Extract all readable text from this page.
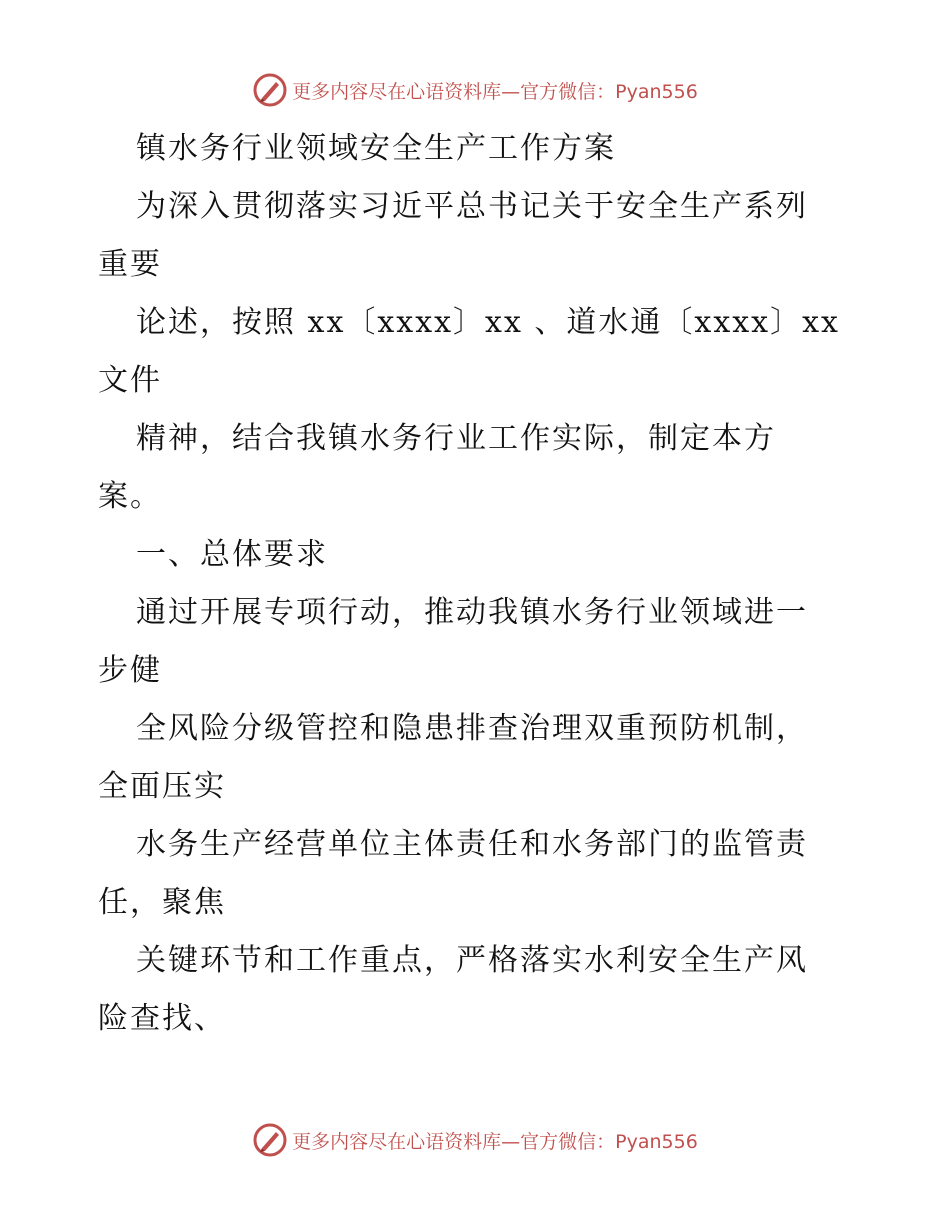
更多内容尽在心语资料库—官方微信：Pyan556
镇水务行业领域安全生产工作方案
为深入贯彻落实习近平总书记关于安全生产系列
重要
论述，按照 xx〔xxxx〕xx 、道水通〔xxxx〕xx
文件
精神，结合我镇水务行业工作实际，制定本方
案。
一、总体要求
通过开展专项行动，推动我镇水务行业领域进一
步健
全风险分级管控和隐患排查治理双重预防机制，
全面压实
水务生产经营单位主体责任和水务部门的监管责
任，聚焦
关键环节和工作重点，严格落实水利安全生产风
险查找、
更多内容尽在心语资料库—官方微信：Pyan556
